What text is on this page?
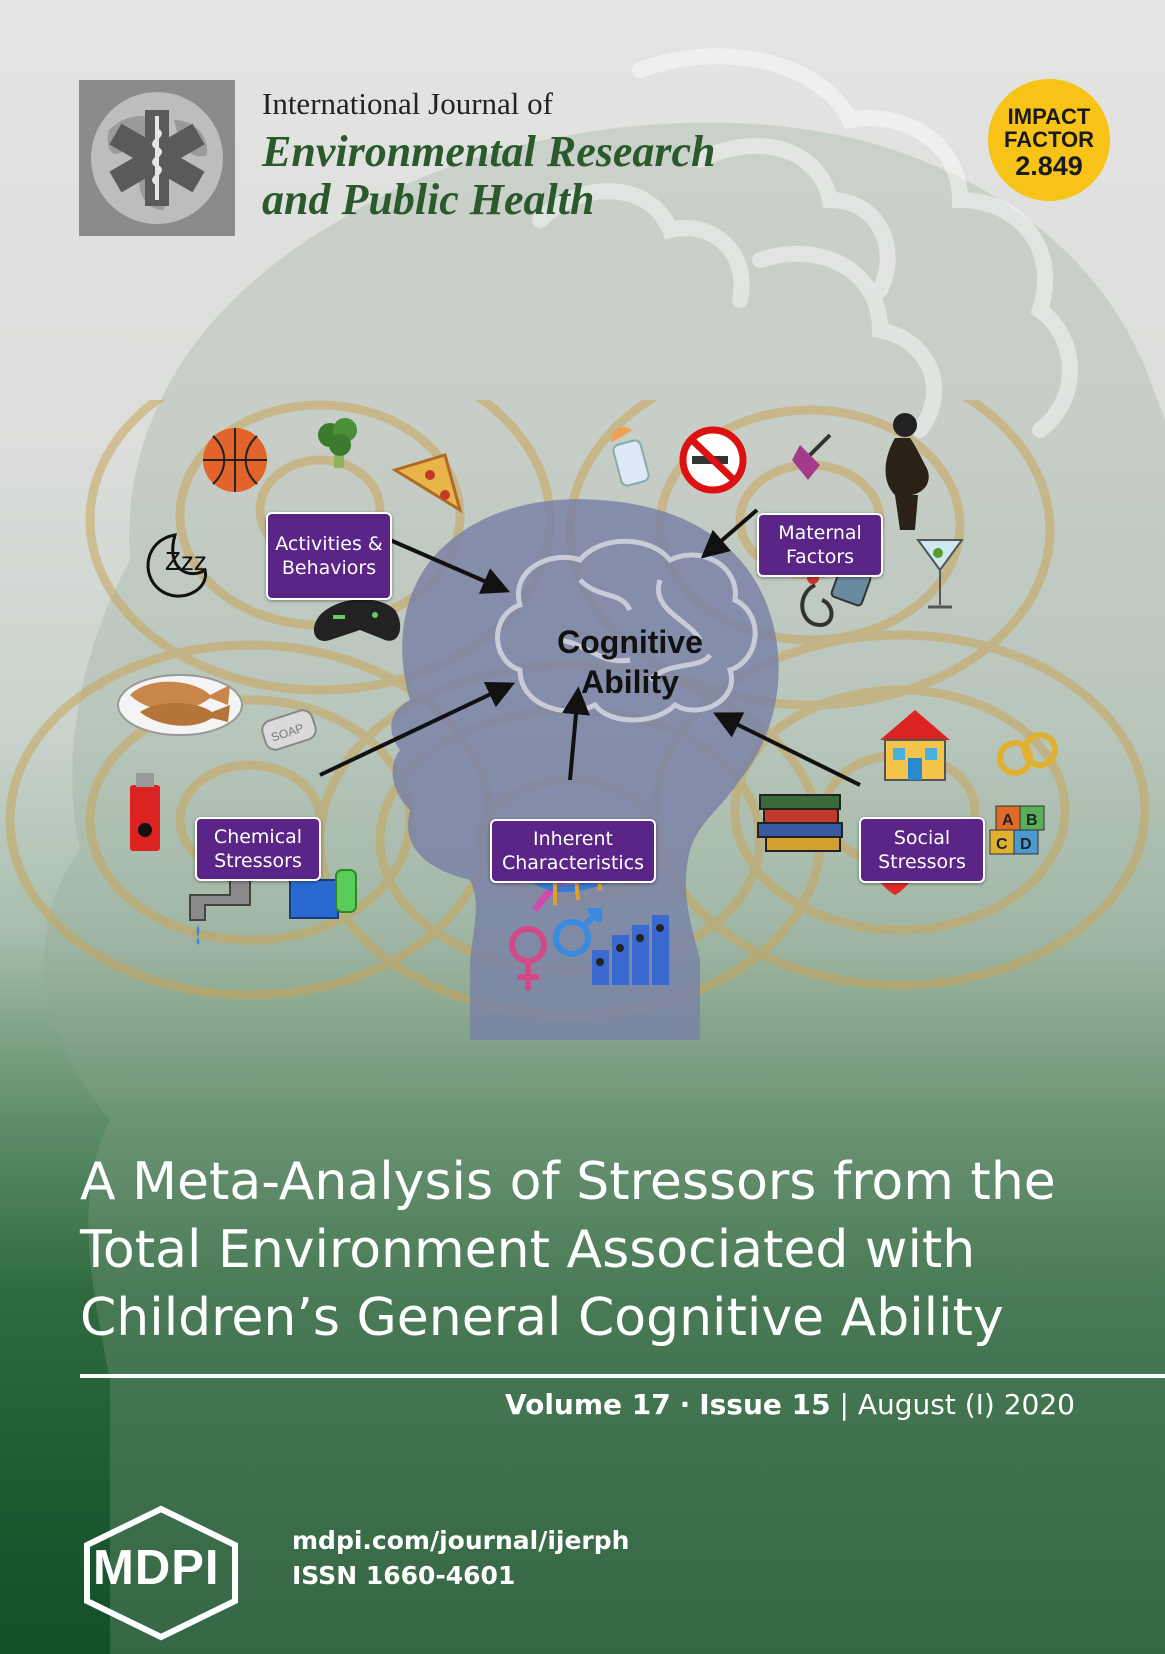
International Journal of
Environmental Research
and Public Health
IMPACT
FACTOR
2.849
Zzz
SOAP
A B
C D
Cognitive
Ability
Activities &
Behaviors
Maternal
Factors
Chemical
Stressors
Inherent
Characteristics
Social
Stressors
A Meta-Analysis of Stressors from the
Total Environment Associated with
Children’s General Cognitive Ability
Volume 17 · Issue 15 | August (I) 2020
MDPI
mdpi.com/journal/ijerph
ISSN 1660-4601
